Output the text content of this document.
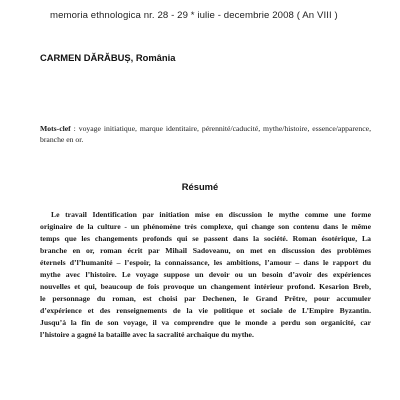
memoria ethnologica nr. 28 - 29 * iulie - decembrie 2008 ( An VIII )
CARMEN DĂRĂBUȘ, România
Mots-clef : voyage initiatique, marque identitaire, pérennité/caducité, mythe/histoire, essence/apparence, branche en or.
Résumé
Le travail Identification par initiation mise en discussion le mythe comme une forme
originaire de la culture - un phénomène très complexe, qui change son contenu dans le même
temps que les changements profonds qui se passent dans la société. Roman ésotérique, La
branche en or, roman écrit par Mihail Sadoveanu, on met en discussion des problèmes
éternels d’l’humanité – l’espoir, la connaissance, les ambitions, l’amour – dans le rapport du
mythe avec l’histoire. Le voyage suppose un devoir ou un besoin d’avoir des expériences
nouvelles et qui, beaucoup de fois provoque un changement intérieur profond. Kesarion Breb,
le personnage du roman, est choisi par Dechenen, le Grand Prêtre, pour accumuler
d’expérience et des renseignements de la vie politique et sociale de L’Empire Byzantin.
Jusqu’à la fin de son voyage, il va comprendre que le monde a perdu son organicité, car
l’histoire a gagné la bataille avec la sacralité archaïque du mythe.
